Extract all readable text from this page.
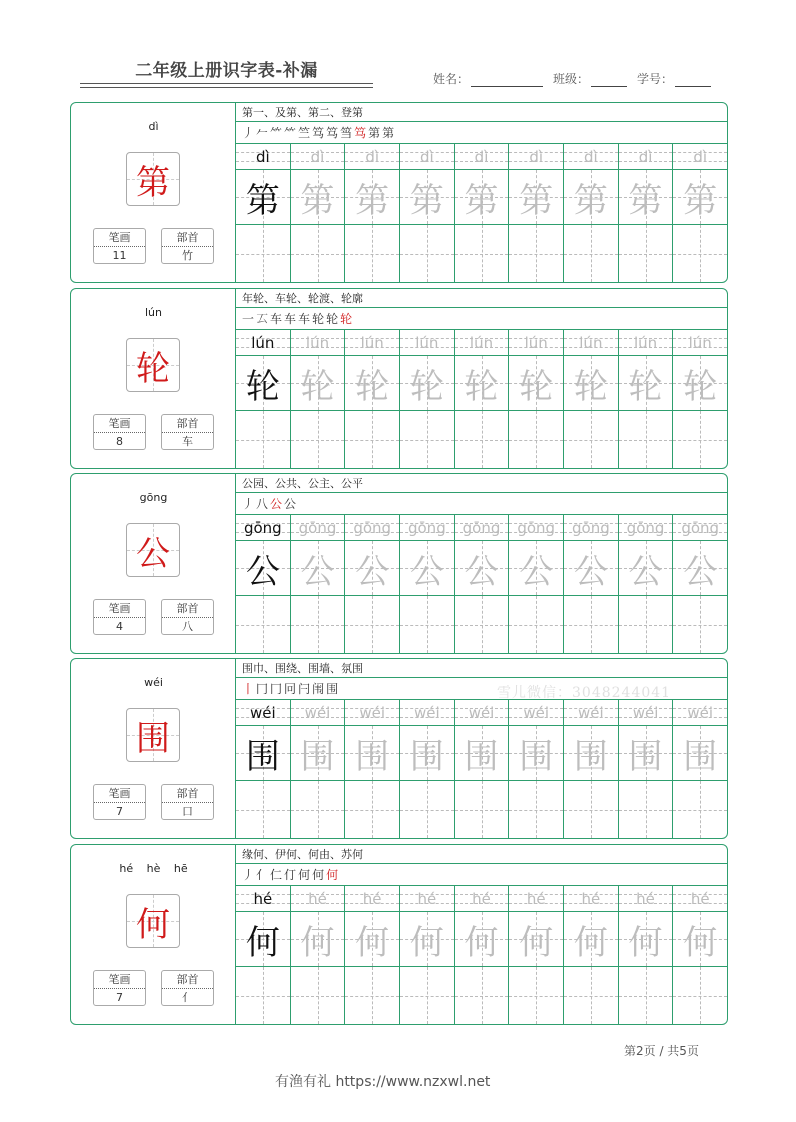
二年级上册识字表-补漏	姓名：	班级：	学号：
dì
第
笔画
11
部首
竹
第一、及第、第二、登第
丿𠂉⺮⺮竺笃笃筜笃第第
dì
第
dì
第
dì
第
dì
第
dì
第
dì
第
dì
第
dì
第
dì
第
lún
轮
笔画
8
部首
车
年轮、车轮、轮渡、轮廓
一𠫔车车车轮轮轮
lún
轮
lún
轮
lún
轮
lún
轮
lún
轮
lún
轮
lún
轮
lún
轮
lún
轮
gōng
公
笔画
4
部首
八
公园、公共、公主、公平
丿八公公
gōng
公
gōng
公
gōng
公
gōng
公
gōng
公
gōng
公
gōng
公
gōng
公
gōng
公
wéi
围
笔画
7
部首
口
围巾、围绕、围墙、氛围
丨冂冂冋闩闱围
wéi
围
wéi
围
wéi
围
wéi
围
wéi
围
wéi
围
wéi
围
wéi
围
wéi
围
hé hè hē
何
笔画
7
部首
亻
缘何、伊何、何由、苏何
丿亻仁仃何何何
hé
何
hé
何
hé
何
hé
何
hé
何
hé
何
hé
何
hé
何
hé
何
雪儿微信：3048244041
第2页 / 共5页
有渔有礼 https://www.nzxwl.net
